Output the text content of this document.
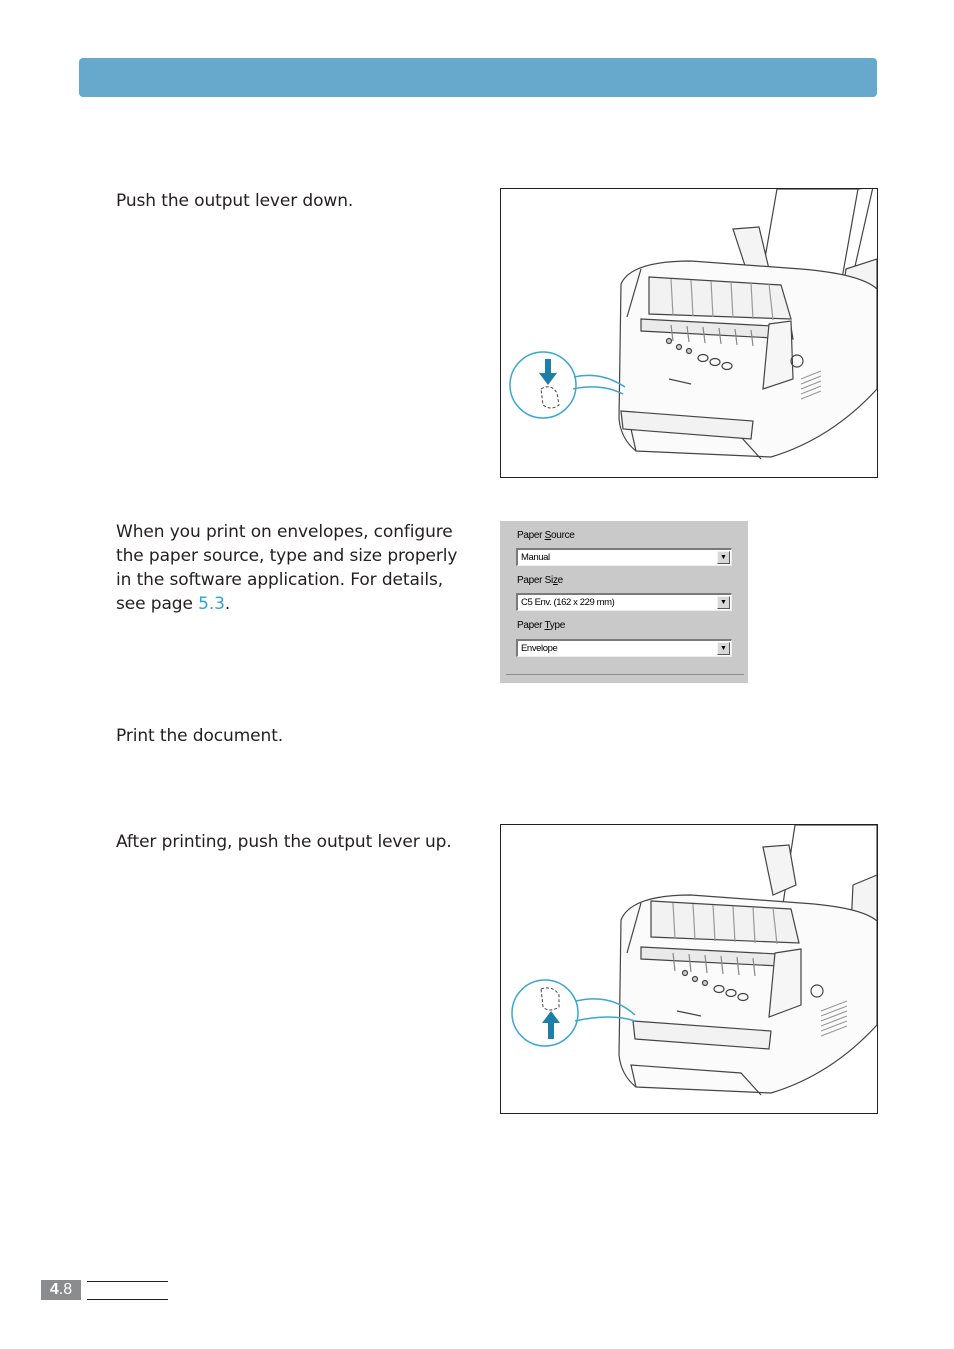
Push the output lever down.
When you print on envelopes, configure the paper source, type and size properly in the software application. For details, see page 5.3.
Paper Source
Manual	▼
Paper Size
C5 Env. (162 x 229 mm)	▼
Paper Type
Envelope	▼
Print the document.
After printing, push the output lever up.
4.8
